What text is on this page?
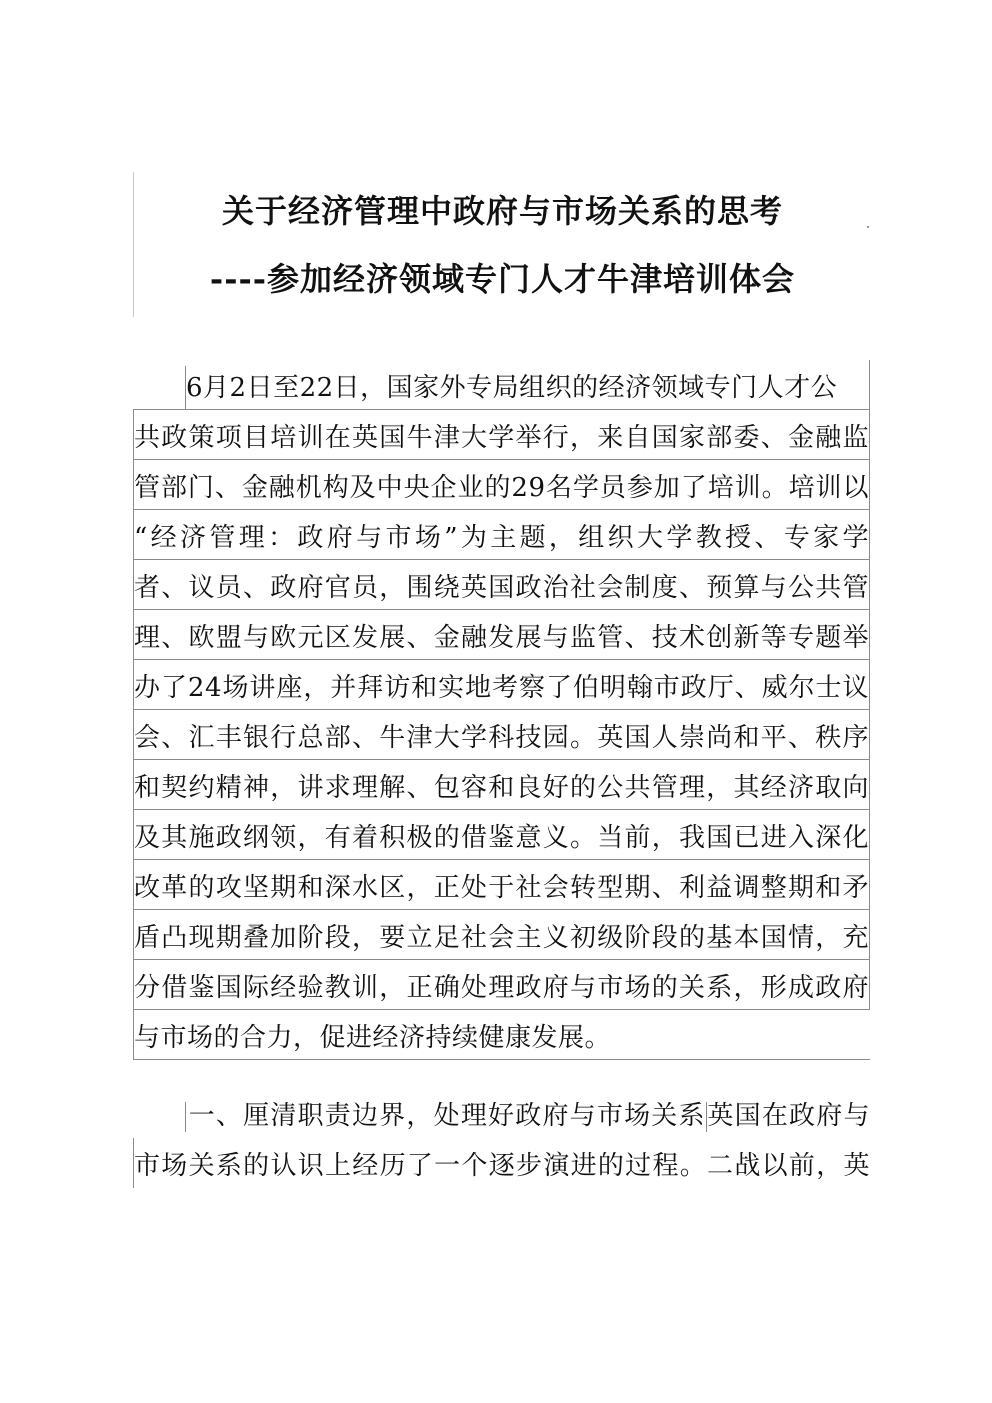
关于经济管理中政府与市场关系的思考
----参加经济领域专门人才牛津培训体会
6月2日至22日，国家外专局组织的经济领域专门人才公
共政策项目培训在英国牛津大学举行，来自国家部委、金融监
管部门、金融机构及中央企业的29名学员参加了培训。培训以
“经济管理：政府与市场”为主题，组织大学教授、专家学
者、议员、政府官员，围绕英国政治社会制度、预算与公共管
理、欧盟与欧元区发展、金融发展与监管、技术创新等专题举
办了24场讲座，并拜访和实地考察了伯明翰市政厅、威尔士议
会、汇丰银行总部、牛津大学科技园。英国人崇尚和平、秩序
和契约精神，讲求理解、包容和良好的公共管理，其经济取向
及其施政纲领，有着积极的借鉴意义。当前，我国已进入深化
改革的攻坚期和深水区，正处于社会转型期、利益调整期和矛
盾凸现期叠加阶段，要立足社会主义初级阶段的基本国情，充
分借鉴国际经验教训，正确处理政府与市场的关系，形成政府
与市场的合力，促进经济持续健康发展。
一、厘清职责边界，处理好政府与市场关系英国在政府与
市场关系的认识上经历了一个逐步演进的过程。二战以前，英
